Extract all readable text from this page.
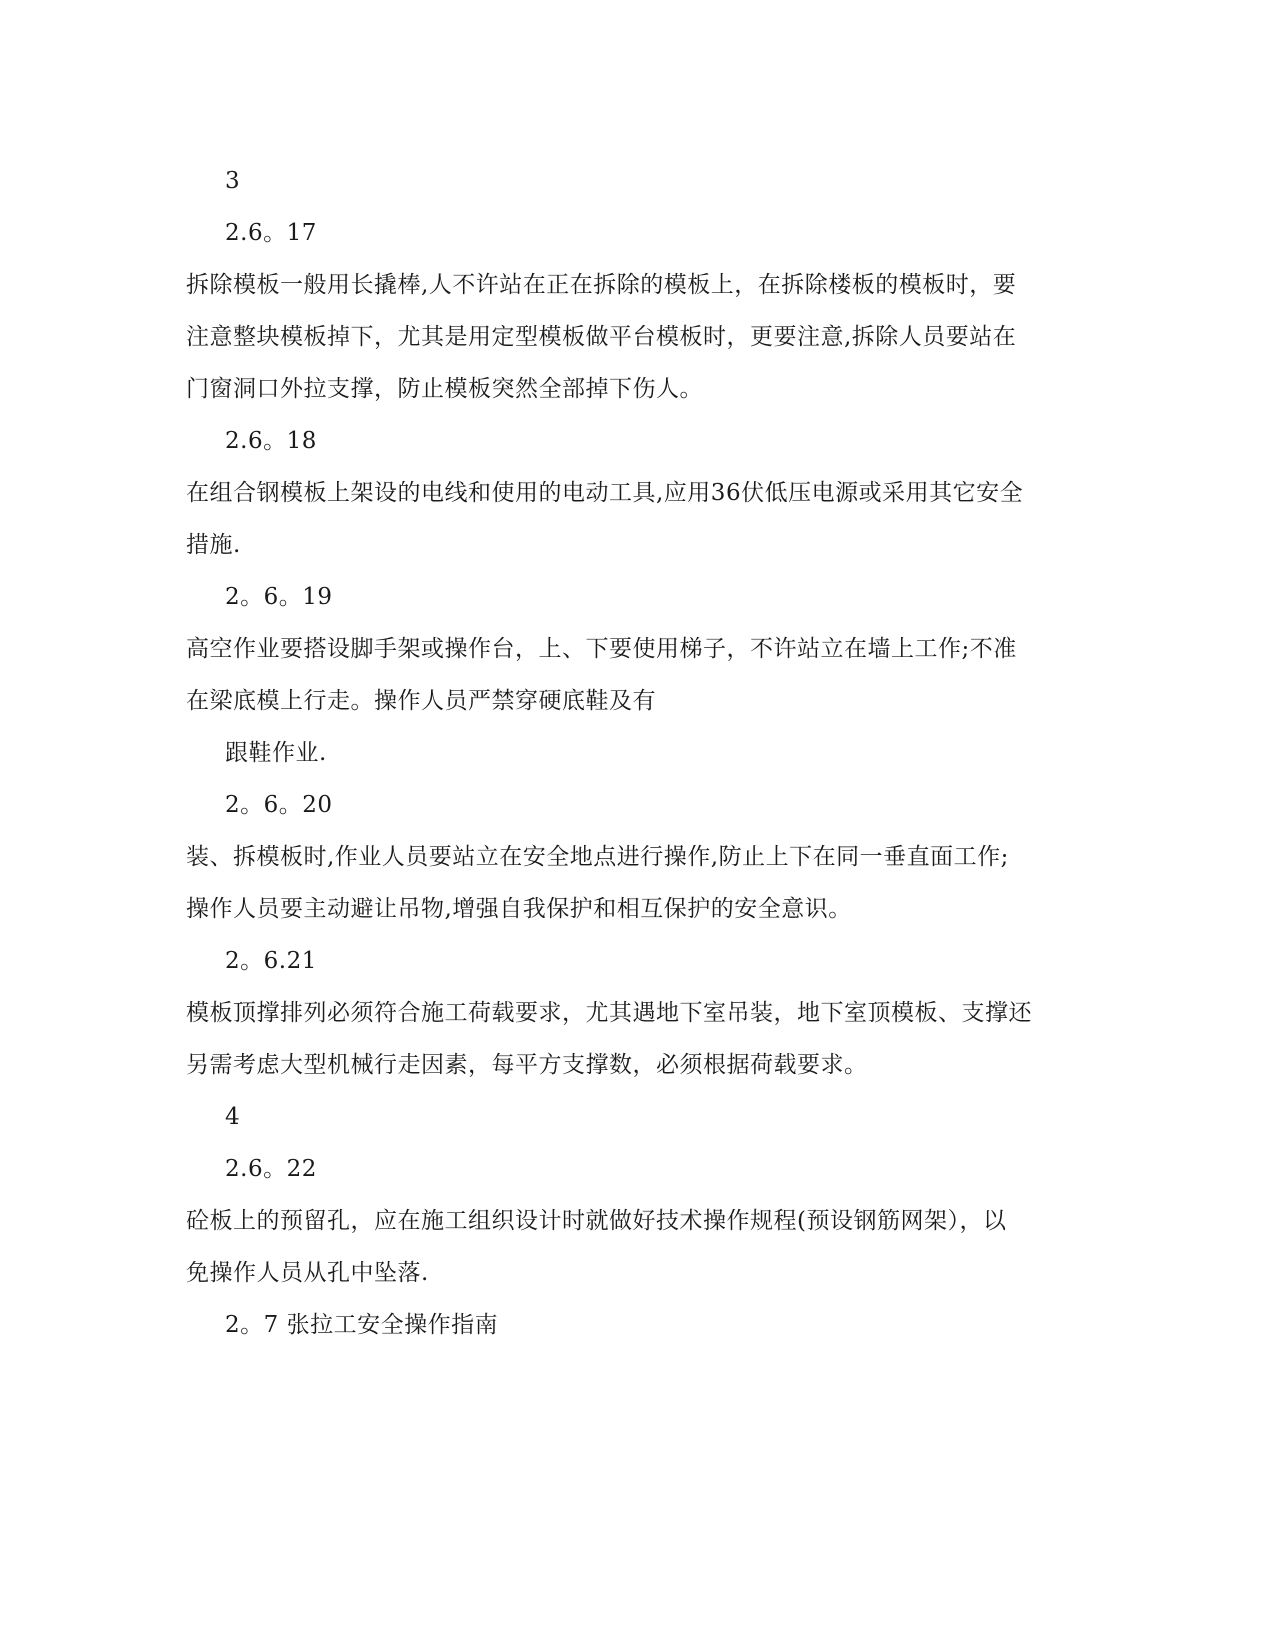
3
2.6。17
拆除模板一般用长撬棒,人不许站在正在拆除的模板上，在拆除楼板的模板时，要
注意整块模板掉下，尤其是用定型模板做平台模板时，更要注意,拆除人员要站在
门窗洞口外拉支撑，防止模板突然全部掉下伤人。
2.6。18
在组合钢模板上架设的电线和使用的电动工具,应用36伏低压电源或采用其它安全
措施.
2。6。19
高空作业要搭设脚手架或操作台，上、下要使用梯子，不许站立在墙上工作;不准
在梁底模上行走。操作人员严禁穿硬底鞋及有
跟鞋作业.
2。6。20
装、拆模板时,作业人员要站立在安全地点进行操作,防止上下在同一垂直面工作;
操作人员要主动避让吊物,增强自我保护和相互保护的安全意识。
2。6.21
模板顶撑排列必须符合施工荷载要求，尤其遇地下室吊装，地下室顶模板、支撑还
另需考虑大型机械行走因素，每平方支撑数，必须根据荷载要求。
4
2.6。22
砼板上的预留孔，应在施工组织设计时就做好技术操作规程(预设钢筋网架），以
免操作人员从孔中坠落.
2。7 张拉工安全操作指南
